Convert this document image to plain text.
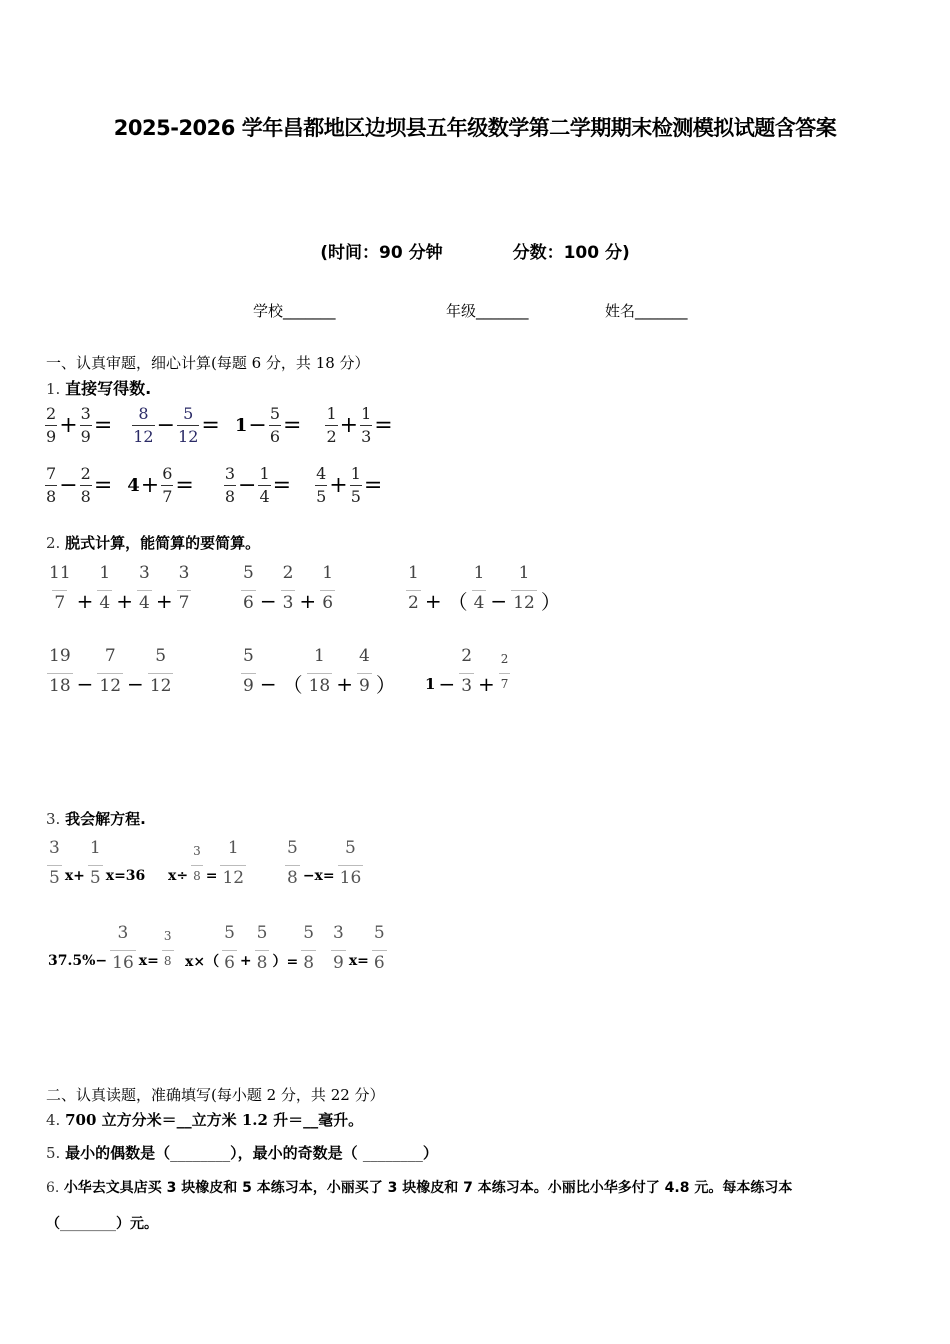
2025-2026 学年昌都地区边坝县五年级数学第二学期期末检测模拟试题含答案
(时间：90 分钟	分数：100 分)
学校_______	年级_______	姓名_______
一、认真审题，细心计算(每题 6 分，共 18 分）
1. 直接写得数.
$\frac{2}{9} + \frac{3}{9} = \frac{8}{12} - \frac{5}{12} = 1 - \frac{5}{6} = \frac{1}{2} + \frac{1}{3}$ =
$\frac{7}{8} - \frac{2}{8} = 4 + \frac{6}{7} = \frac{3}{8} - \frac{1}{4} = \frac{4}{5} + \frac{1}{5}$ =
2. 脱式计算，能简算的要简算。
$\frac{11}{7} + \frac{1}{4} + \frac{3}{4} + \frac{3}{7}$	$\frac{5}{6} - \frac{2}{3} + \frac{1}{6}$	$\frac{1}{2}$ + （ $\frac{1}{4} - \frac{1}{12}$ ）
$\frac{19}{18} - \frac{7}{12} - \frac{5}{12}$	$\frac{5}{9}$ − （ $\frac{1}{18} + \frac{4}{9}$ ） $1 - \frac{2}{3} + \frac{2}{7}$
3. 我会解方程.
$\frac{3}{5} x+ \frac{1}{5} x=36$ $x\div \frac{3}{8} = \frac{1}{12} \frac{5}{8} -x= \frac{5}{16}$
$37.5\%- \frac{3}{16} x= \frac{3}{8} x\times( \frac{5}{6} + \frac{5}{8}$ ）= $\frac{5}{8} \frac{3}{9} x= \frac{5}{6}$
二、认真读题，准确填写(每小题 2 分，共 22 分）
4. 700 立方分米＝__立方米 1.2 升＝__毫升。
5. 最小的偶数是（________），最小的奇数是（ ________）
6. 小华去文具店买 3 块橡皮和 5 本练习本，小丽买了 3 块橡皮和 7 本练习本。小丽比小华多付了 4.8 元。每本练习本
（________）元。
